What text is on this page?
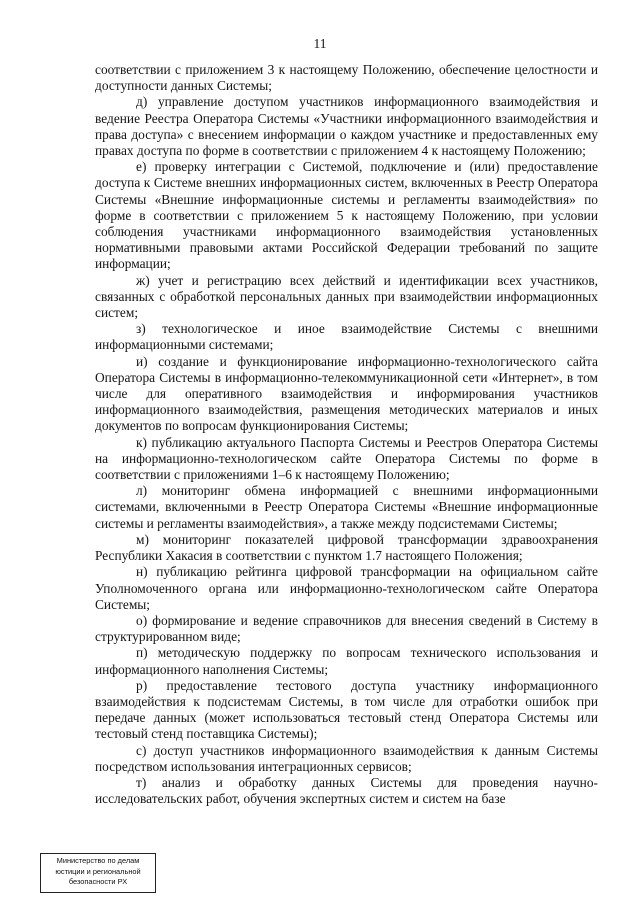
11

соответствии с приложением 3 к настоящему Положению, обеспечение целостности и доступности данных Системы;

д) управление доступом участников информационного взаимодействия и ведение Реестра Оператора Системы «Участники информационного взаимодействия и права доступа» с внесением информации о каждом участнике и предоставленных ему правах доступа по форме в соответствии с приложением 4 к настоящему Положению;

е) проверку интеграции с Системой, подключение и (или) предоставление доступа к Системе внешних информационных систем, включенных в Реестр Оператора Системы «Внешние информационные системы и регламенты взаимодействия» по форме в соответствии с приложением 5 к настоящему Положению, при условии соблюдения участниками информационного взаимодействия установленных нормативными правовыми актами Российской Федерации требований по защите информации;

ж) учет и регистрацию всех действий и идентификации всех участников, связанных с обработкой персональных данных при взаимодействии информационных систем;

з) технологическое и иное взаимодействие Системы с внешними информационными системами;

и) создание и функционирование информационно-технологического сайта Оператора Системы в информационно-телекоммуникационной сети «Интернет», в том числе для оперативного взаимодействия и информирования участников информационного взаимодействия, размещения методических материалов и иных документов по вопросам функционирования Системы;

к) публикацию актуального Паспорта Системы и Реестров Оператора Системы на информационно-технологическом сайте Оператора Системы по форме в соответствии с приложениями 1–6 к настоящему Положению;

л) мониторинг обмена информацией с внешними информационными системами, включенными в Реестр Оператора Системы «Внешние информационные системы и регламенты взаимодействия», а также между подсистемами Системы;

м) мониторинг показателей цифровой трансформации здравоохранения Республики Хакасия в соответствии с пунктом 1.7 настоящего Положения;

н) публикацию рейтинга цифровой трансформации на официальном сайте Уполномоченного органа или информационно-технологическом сайте Оператора Системы;

о) формирование и ведение справочников для внесения сведений в Систему в структурированном виде;

п) методическую поддержку по вопросам технического использования и информационного наполнения Системы;

р) предоставление тестового доступа участнику информационного взаимодействия к подсистемам Системы, в том числе для отработки ошибок при передаче данных (может использоваться тестовый стенд Оператора Системы или тестовый стенд поставщика Системы);

с) доступ участников информационного взаимодействия к данным Системы посредством использования интеграционных сервисов;

т) анализ и обработку данных Системы для проведения научно-исследовательских работ, обучения экспертных систем и систем на базе

Министерство по делам
юстиции и региональной
безопасности РХ
